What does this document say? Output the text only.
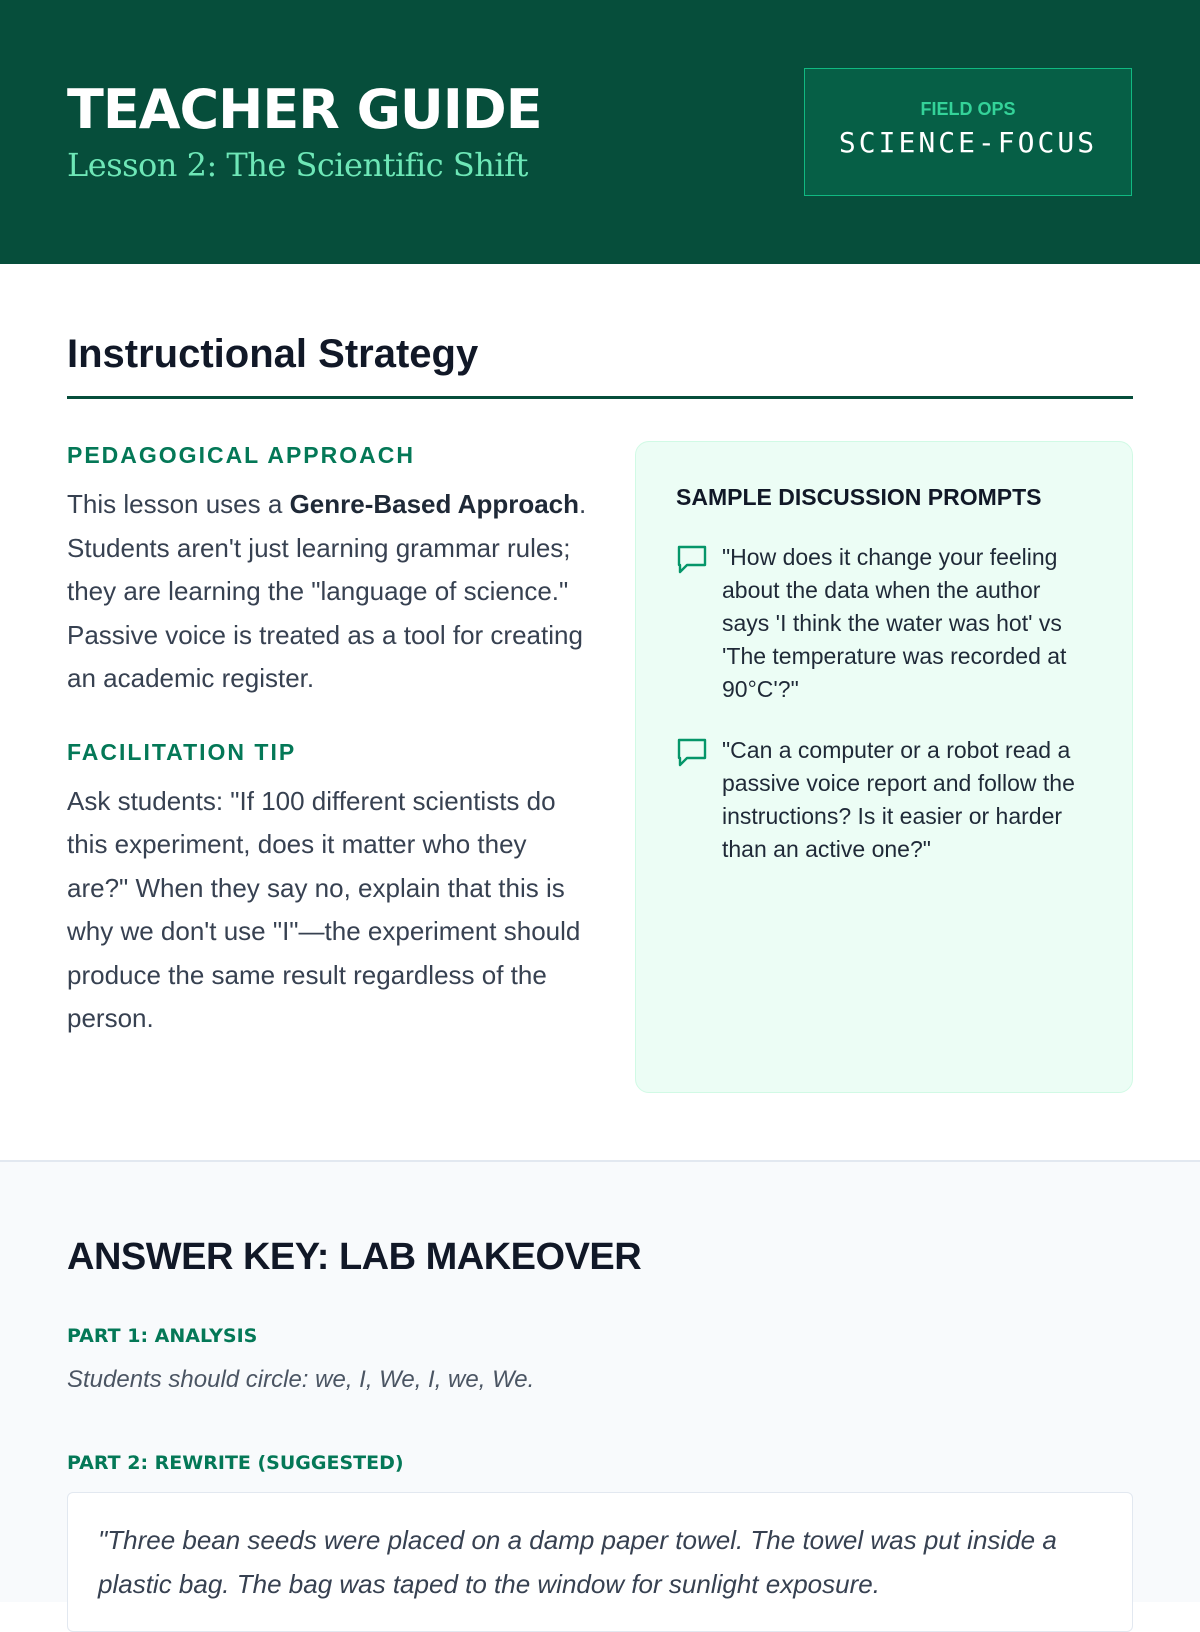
TEACHER GUIDE
Lesson 2: The Scientific Shift
FIELD OPS
SCIENCE-FOCUS
Instructional Strategy
PEDAGOGICAL APPROACH
This lesson uses a Genre-Based Approach. Students aren't just learning grammar rules; they are learning the "language of science." Passive voice is treated as a tool for creating an academic register.
FACILITATION TIP
Ask students: "If 100 different scientists do this experiment, does it matter who they are?" When they say no, explain that this is why we don't use "I"—the experiment should produce the same result regardless of the person.
SAMPLE DISCUSSION PROMPTS
"How does it change your feeling about the data when the author says 'I think the water was hot' vs 'The temperature was recorded at 90°C'?"
"Can a computer or a robot read a passive voice report and follow the instructions? Is it easier or harder than an active one?"
ANSWER KEY: LAB MAKEOVER
PART 1: ANALYSIS
Students should circle: we, I, We, I, we, We.
PART 2: REWRITE (SUGGESTED)
"Three bean seeds were placed on a damp paper towel. The towel was put inside a plastic bag. The bag was taped to the window for sunlight exposure.
